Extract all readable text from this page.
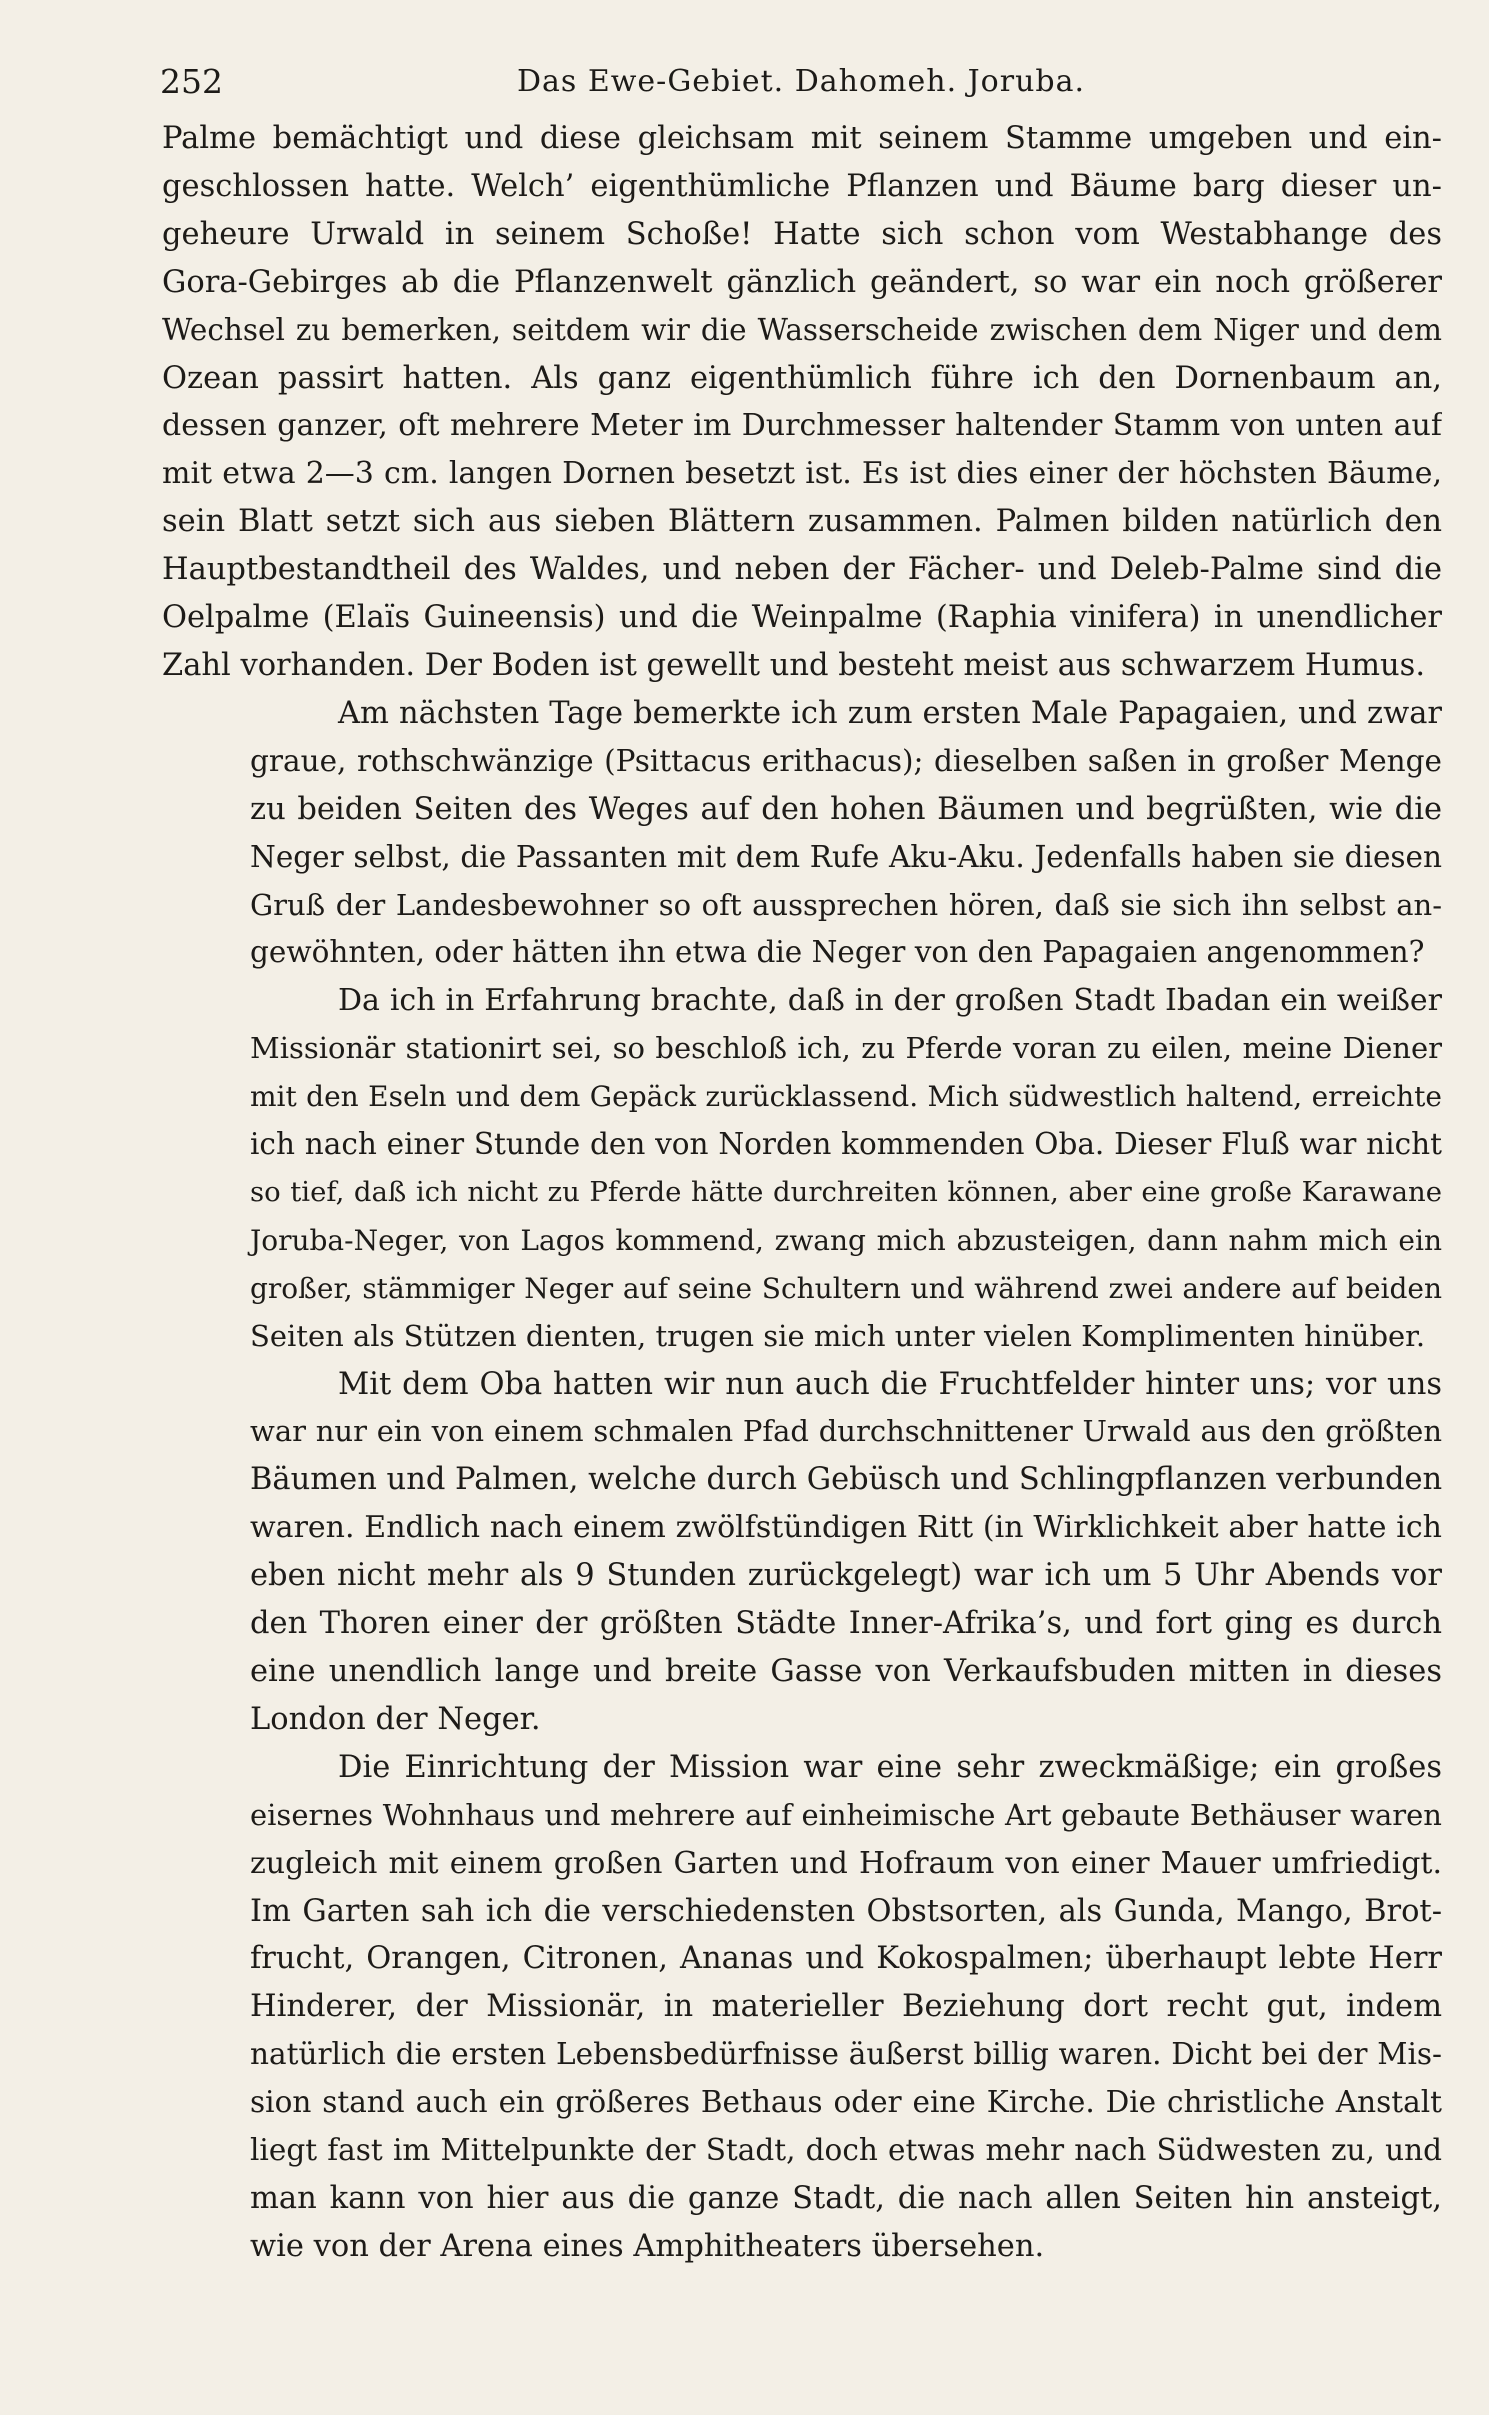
252	Das Ewe-Gebiet. Dahomeh. Joruba.

Palme bemächtigt und diese gleichsam mit seinem Stamme umgeben und ein-
geschlossen hatte. Welch’ eigenthümliche Pflanzen und Bäume barg dieser un-
geheure Urwald in seinem Schoße! Hatte sich schon vom Westabhange des
Gora-Gebirges ab die Pflanzenwelt gänzlich geändert, so war ein noch größerer
Wechsel zu bemerken, seitdem wir die Wasserscheide zwischen dem Niger und dem
Ozean passirt hatten. Als ganz eigenthümlich führe ich den Dornenbaum an,
dessen ganzer, oft mehrere Meter im Durchmesser haltender Stamm von unten auf
mit etwa 2—3 cm. langen Dornen besetzt ist. Es ist dies einer der höchsten Bäume,
sein Blatt setzt sich aus sieben Blättern zusammen. Palmen bilden natürlich den
Hauptbestandtheil des Waldes, und neben der Fächer- und Deleb-Palme sind die
Oelpalme (Elaïs Guineensis) und die Weinpalme (Raphia vinifera) in unendlicher
Zahl vorhanden. Der Boden ist gewellt und besteht meist aus schwarzem Humus.

Am nächsten Tage bemerkte ich zum ersten Male Papagaien, und zwar
graue, rothschwänzige (Psittacus erithacus); dieselben saßen in großer Menge
zu beiden Seiten des Weges auf den hohen Bäumen und begrüßten, wie die
Neger selbst, die Passanten mit dem Rufe Aku-Aku. Jedenfalls haben sie diesen
Gruß der Landesbewohner so oft aussprechen hören, daß sie sich ihn selbst an-
gewöhnten, oder hätten ihn etwa die Neger von den Papagaien angenommen?

Da ich in Erfahrung brachte, daß in der großen Stadt Ibadan ein weißer
Missionär stationirt sei, so beschloß ich, zu Pferde voran zu eilen, meine Diener
mit den Eseln und dem Gepäck zurücklassend. Mich südwestlich haltend, erreichte
ich nach einer Stunde den von Norden kommenden Oba. Dieser Fluß war nicht
so tief, daß ich nicht zu Pferde hätte durchreiten können, aber eine große Karawane
Joruba-Neger, von Lagos kommend, zwang mich abzusteigen, dann nahm mich ein
großer, stämmiger Neger auf seine Schultern und während zwei andere auf beiden
Seiten als Stützen dienten, trugen sie mich unter vielen Komplimenten hinüber.

Mit dem Oba hatten wir nun auch die Fruchtfelder hinter uns; vor uns
war nur ein von einem schmalen Pfad durchschnittener Urwald aus den größten
Bäumen und Palmen, welche durch Gebüsch und Schlingpflanzen verbunden
waren. Endlich nach einem zwölfstündigen Ritt (in Wirklichkeit aber hatte ich
eben nicht mehr als 9 Stunden zurückgelegt) war ich um 5 Uhr Abends vor
den Thoren einer der größten Städte Inner-Afrika’s, und fort ging es durch
eine unendlich lange und breite Gasse von Verkaufsbuden mitten in dieses
London der Neger.

Die Einrichtung der Mission war eine sehr zweckmäßige; ein großes
eisernes Wohnhaus und mehrere auf einheimische Art gebaute Bethäuser waren
zugleich mit einem großen Garten und Hofraum von einer Mauer umfriedigt.
Im Garten sah ich die verschiedensten Obstsorten, als Gunda, Mango, Brot-
frucht, Orangen, Citronen, Ananas und Kokospalmen; überhaupt lebte Herr
Hinderer, der Missionär, in materieller Beziehung dort recht gut, indem
natürlich die ersten Lebensbedürfnisse äußerst billig waren. Dicht bei der Mis-
sion stand auch ein größeres Bethaus oder eine Kirche. Die christliche Anstalt
liegt fast im Mittelpunkte der Stadt, doch etwas mehr nach Südwesten zu, und
man kann von hier aus die ganze Stadt, die nach allen Seiten hin ansteigt,
wie von der Arena eines Amphitheaters übersehen.
